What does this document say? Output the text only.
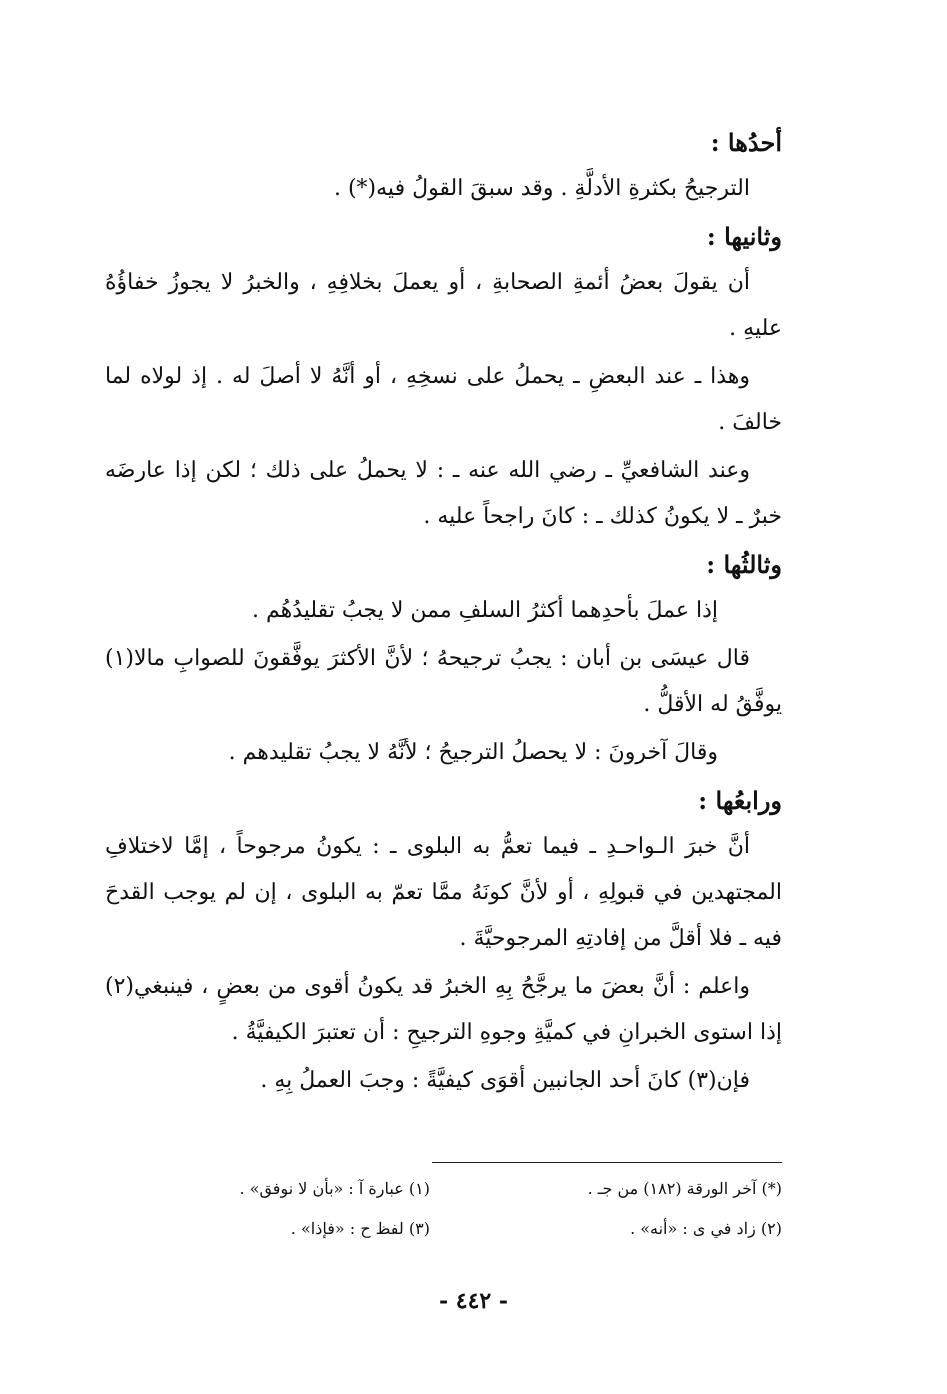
أحدُها :

الترجيحُ بكثرةِ الأدلَّةِ . وقد سبقَ القولُ فيه(*) .

وثانيها :

أن يقولَ بعضُ أئمةِ الصحابةِ ، أو يعملَ بخلافِهِ ، والخبرُ لا يجوزُ خفاؤُهُ عليهِ .

وهذا ـ عند البعضِ ـ يحملُ على نسخِهِ ، أو أنَّهُ لا أصلَ له . إذ لولاه لما خالفَ .

وعند الشافعيِّ ـ رضي الله عنه ـ : لا يحملُ على ذلك ؛ لكن إذا عارضَه خبرٌ ـ لا يكونُ كذلك ـ : كانَ راجحاً عليه .

وثالثُها :

إذا عملَ بأحدِهما أكثرُ السلفِ ممن لا يجبُ تقليدُهُم .

قال عيسَى بن أبان : يجبُ ترجيحهُ ؛ لأنَّ الأكثرَ يوفَّقونَ للصوابِ مالا(١) يوفَّقُ له الأقلُّ .

وقالَ آخرونَ : لا يحصلُ الترجيحُ ؛ لأنَّهُ لا يجبُ تقليدهم .

ورابعُها :

أنَّ خبرَ الـواحـدِ ـ فيما تعمُّ به البلوى ـ : يكونُ مرجوحاً ، إمَّا لاختلافِ المجتهدين في قبولِهِ ، أو لأنَّ كونَهُ ممَّا تعمّ به البلوى ، إن لم يوجب القدحَ فيه ـ فلا أقلَّ من إفادتِهِ المرجوحيَّةَ .

واعلم : أنَّ بعضَ ما يرجَّحُ بِهِ الخبرُ قد يكونُ أقوى من بعضٍ ، فينبغي(٢) إذا استوى الخبرانِ في كميَّةِ وجوهِ الترجيحِ : أن تعتبرَ الكيفيَّةُ .

فإن(٣) كانَ أحد الجانبين أقوَى كيفيَّةً : وجبَ العملُ بِهِ .

(*) آخر الورقة (١٨٢) من جـ .
(١) عبارة آ : «بأن لا نوفق» .
(٢) زاد في ى : «أنه» .
(٣) لفظ ح : «فإذا» .
- ٤٤٢ -
